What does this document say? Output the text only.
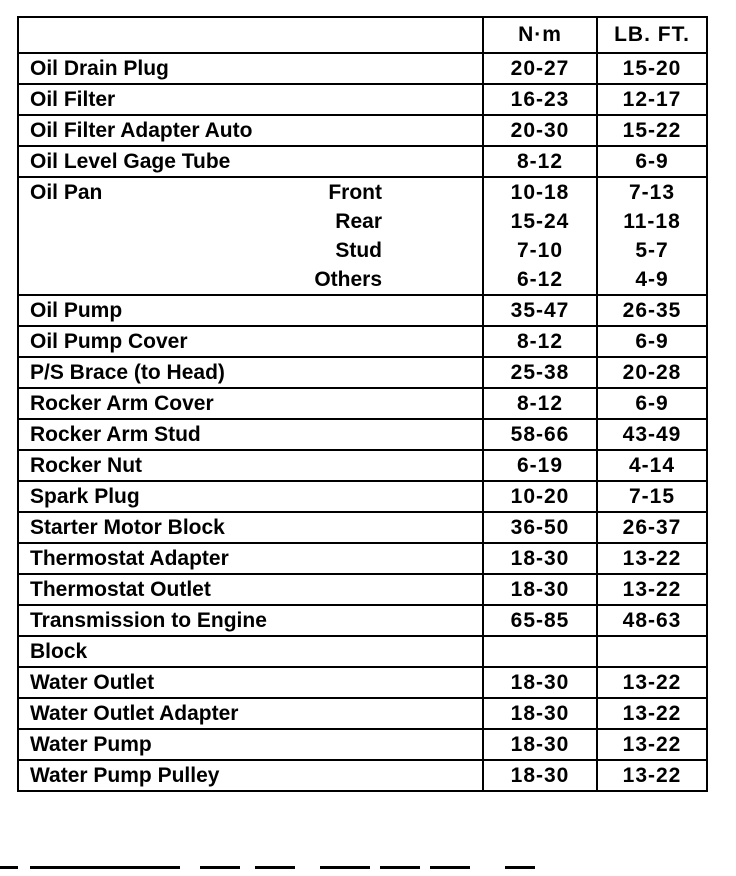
	N·m	LB. FT.
Oil Drain Plug	20-27	15-20
Oil Filter	16-23	12-17
Oil Filter Adapter Auto	20-30	15-22
Oil Level Gage Tube	8-12	6-9

Oil Pan Front	10-18	7-13

Rear	15-24	11-18

Stud	7-10	5-7

Others	6-12	4-9
Oil Pump	35-47	26-35
Oil Pump Cover	8-12	6-9
P/S Brace (to Head)	25-38	20-28
Rocker Arm Cover	8-12	6-9
Rocker Arm Stud	58-66	43-49
Rocker Nut	6-19	4-14
Spark Plug	10-20	7-15
Starter Motor Block	36-50	26-37
Thermostat Adapter	18-30	13-22
Thermostat Outlet	18-30	13-22
Transmission to Engine	65-85	48-63
Block		
Water Outlet	18-30	13-22
Water Outlet Adapter	18-30	13-22
Water Pump	18-30	13-22
Water Pump Pulley	18-30	13-22
